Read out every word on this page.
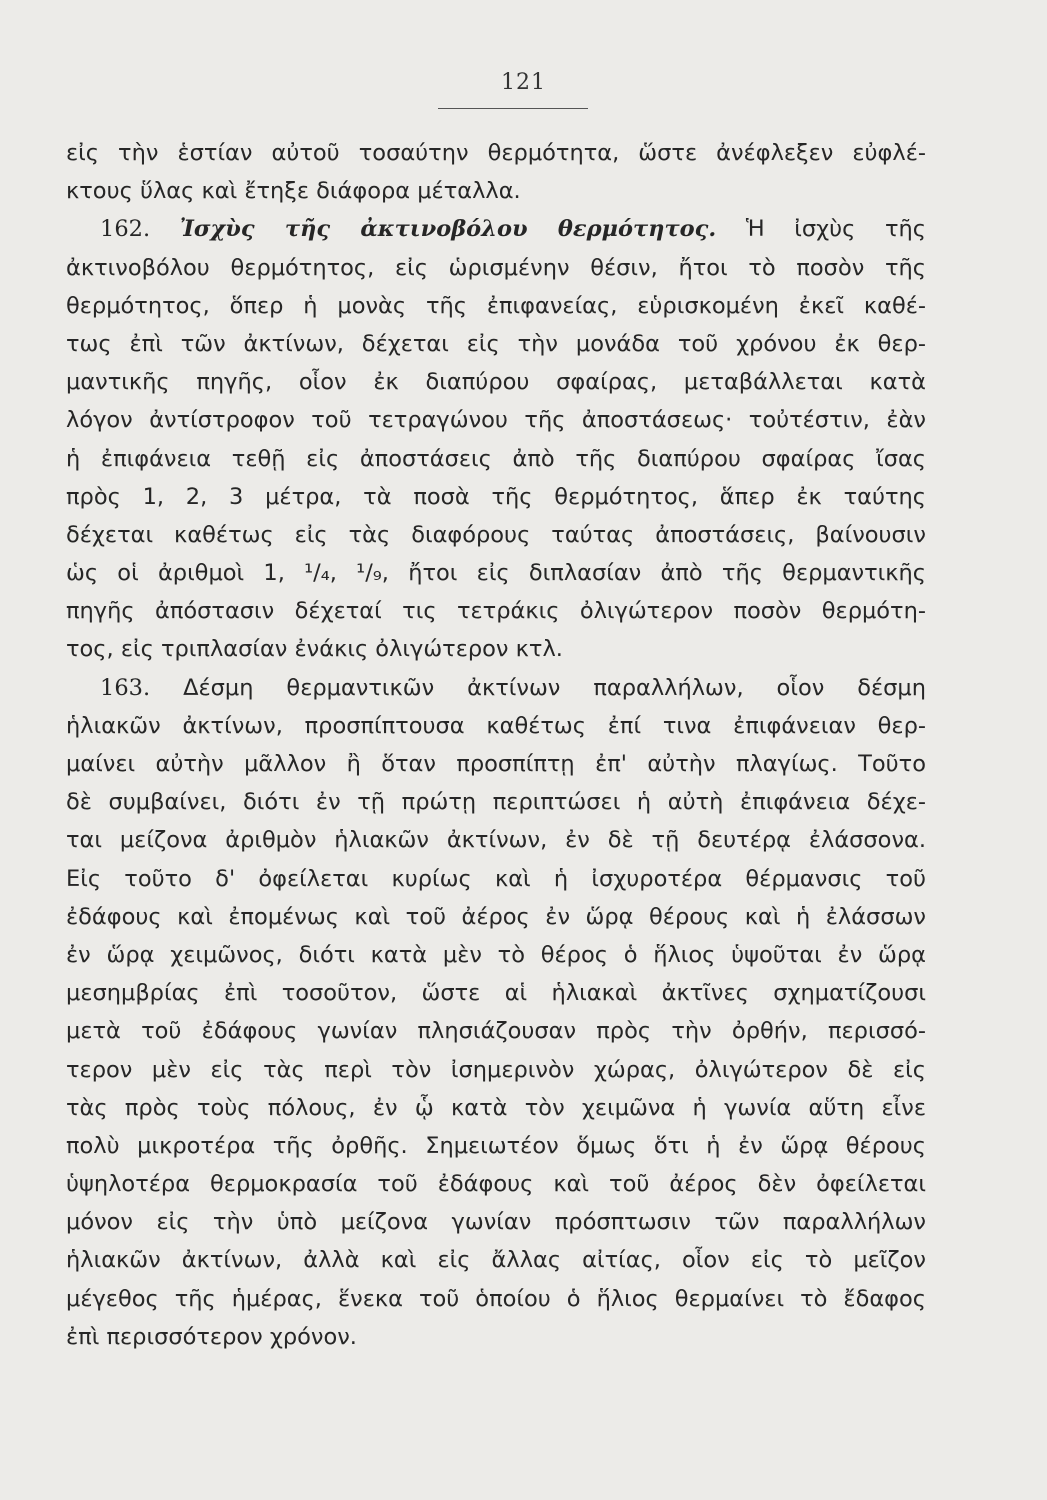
121
εἰς τὴν ἑστίαν αὐτοῦ τοσαύτην θερμότητα, ὥστε ἀνέφλεξεν εὐφλέ-
κτους ὕλας καὶ ἔτηξε διάφορα μέταλλα.
162. Ἰσχὺς τῆς ἀκτινοβόλου θερμότητος. Ἡ ἰσχὺς τῆς
ἀκτινοβόλου θερμότητος, εἰς ὡρισμένην θέσιν, ἤτοι τὸ ποσὸν τῆς
θερμότητος, ὅπερ ἡ μονὰς τῆς ἐπιφανείας, εὑρισκομένη ἐκεῖ καθέ-
τως ἐπὶ τῶν ἀκτίνων, δέχεται εἰς τὴν μονάδα τοῦ χρόνου ἐκ θερ-
μαντικῆς πηγῆς, οἷον ἐκ διαπύρου σφαίρας, μεταβάλλεται κατὰ
λόγον ἀντίστροφον τοῦ τετραγώνου τῆς ἀποστάσεως· τοὐτέστιν, ἐὰν
ἡ ἐπιφάνεια τεθῇ εἰς ἀποστάσεις ἀπὸ τῆς διαπύρου σφαίρας ἴσας
πρὸς 1, 2, 3 μέτρα, τὰ ποσὰ τῆς θερμότητος, ἅπερ ἐκ ταύτης
δέχεται καθέτως εἰς τὰς διαφόρους ταύτας ἀποστάσεις, βαίνουσιν
ὡς οἱ ἀριθμοὶ 1, ¹/₄, ¹/₉, ἤτοι εἰς διπλασίαν ἀπὸ τῆς θερμαντικῆς
πηγῆς ἀπόστασιν δέχεταί τις τετράκις ὀλιγώτερον ποσὸν θερμότη-
τος, εἰς τριπλασίαν ἐνάκις ὀλιγώτερον κτλ.
163. Δέσμη θερμαντικῶν ἀκτίνων παραλλήλων, οἷον δέσμη
ἡλιακῶν ἀκτίνων, προσπίπτουσα καθέτως ἐπί τινα ἐπιφάνειαν θερ-
μαίνει αὐτὴν μᾶλλον ἢ ὅταν προσπίπτῃ ἐπ' αὐτὴν πλαγίως. Τοῦτο
δὲ συμβαίνει, διότι ἐν τῇ πρώτῃ περιπτώσει ἡ αὐτὴ ἐπιφάνεια δέχε-
ται μείζονα ἀριθμὸν ἡλιακῶν ἀκτίνων, ἐν δὲ τῇ δευτέρᾳ ἐλάσσονα.
Εἰς τοῦτο δ' ὀφείλεται κυρίως καὶ ἡ ἰσχυροτέρα θέρμανσις τοῦ
ἐδάφους καὶ ἐπομένως καὶ τοῦ ἀέρος ἐν ὥρᾳ θέρους καὶ ἡ ἐλάσσων
ἐν ὥρᾳ χειμῶνος, διότι κατὰ μὲν τὸ θέρος ὁ ἥλιος ὑψοῦται ἐν ὥρᾳ
μεσημβρίας ἐπὶ τοσοῦτον, ὥστε αἱ ἡλιακαὶ ἀκτῖνες σχηματίζουσι
μετὰ τοῦ ἐδάφους γωνίαν πλησιάζουσαν πρὸς τὴν ὀρθήν, περισσό-
τερον μὲν εἰς τὰς περὶ τὸν ἰσημερινὸν χώρας, ὀλιγώτερον δὲ εἰς
τὰς πρὸς τοὺς πόλους, ἐν ᾧ κατὰ τὸν χειμῶνα ἡ γωνία αὕτη εἶνε
πολὺ μικροτέρα τῆς ὀρθῆς. Σημειωτέον ὅμως ὅτι ἡ ἐν ὥρᾳ θέρους
ὑψηλοτέρα θερμοκρασία τοῦ ἐδάφους καὶ τοῦ ἀέρος δὲν ὀφείλεται
μόνον εἰς τὴν ὑπὸ μείζονα γωνίαν πρόσπτωσιν τῶν παραλλήλων
ἡλιακῶν ἀκτίνων, ἀλλὰ καὶ εἰς ἄλλας αἰτίας, οἷον εἰς τὸ μεῖζον
μέγεθος τῆς ἡμέρας, ἕνεκα τοῦ ὁποίου ὁ ἥλιος θερμαίνει τὸ ἔδαφος
ἐπὶ περισσότερον χρόνον.
